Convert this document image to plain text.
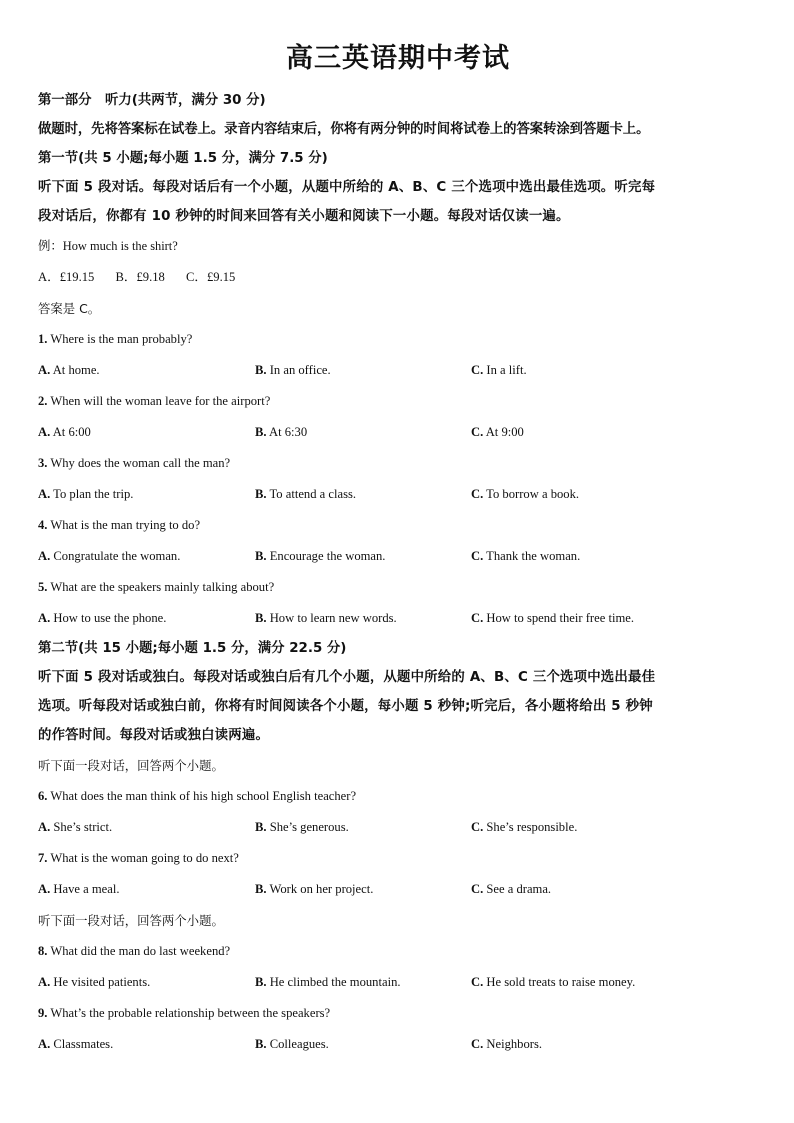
高三英语期中考试

第一部分　听力(共两节，满分 30 分)

做题时，先将答案标在试卷上。录音内容结束后，你将有两分钟的时间将试卷上的答案转涂到答题卡上。

第一节(共 5 小题;每小题 1.5 分，满分 7.5 分)

听下面 5 段对话。每段对话后有一个小题，从题中所给的 A、B、C 三个选项中选出最佳选项。听完每

段对话后，你都有 10 秒钟的时间来回答有关小题和阅读下一小题。每段对话仅读一遍。

例：How much is the shirt?

A．£19.15 B．£9.18 C．£9.15

答案是 C。

1. Where is the man probably?

A. At home.	B. In an office.	C. In a lift.

2. When will the woman leave for the airport?

A. At 6:00	B. At 6:30	C. At 9:00

3. Why does the woman call the man?

A. To plan the trip.	B. To attend a class.	C. To borrow a book.

4. What is the man trying to do?

A. Congratulate the woman.	B. Encourage the woman.	C. Thank the woman.

5. What are the speakers mainly talking about?

A. How to use the phone.	B. How to learn new words.	C. How to spend their free time.

第二节(共 15 小题;每小题 1.5 分，满分 22.5 分)

听下面 5 段对话或独白。每段对话或独白后有几个小题，从题中所给的 A、B、C 三个选项中选出最佳

选项。听每段对话或独白前，你将有时间阅读各个小题，每小题 5 秒钟;听完后，各小题将给出 5 秒钟

的作答时间。每段对话或独白读两遍。

听下面一段对话，回答两个小题。

6. What does the man think of his high school English teacher?

A. She’s strict.	B. She’s generous.	C. She’s responsible.

7. What is the woman going to do next?

A. Have a meal.	B. Work on her project.	C. See a drama.

听下面一段对话，回答两个小题。

8. What did the man do last weekend?

A. He visited patients.	B. He climbed the mountain.	C. He sold treats to raise money.

9. What’s the probable relationship between the speakers?

A. Classmates.	B. Colleagues.	C. Neighbors.
